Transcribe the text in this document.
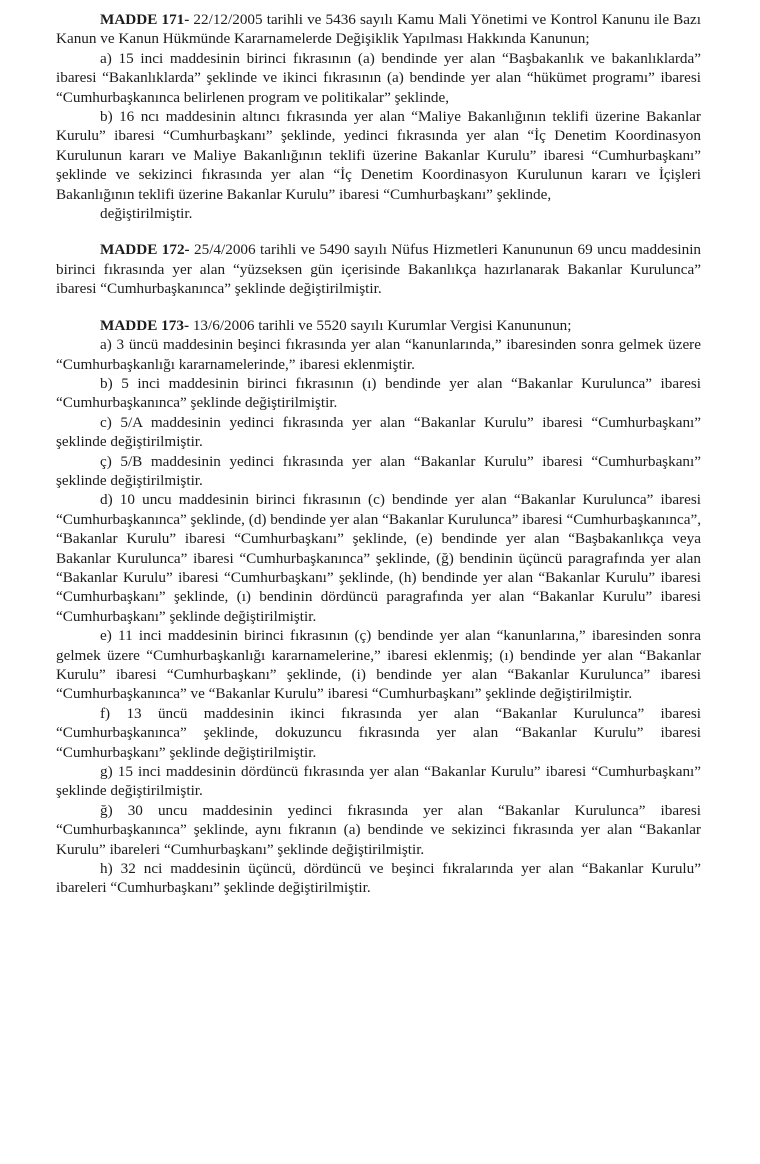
MADDE 171- 22/12/2005 tarihli ve 5436 sayılı Kamu Mali Yönetimi ve Kontrol Kanunu ile Bazı Kanun ve Kanun Hükmünde Kararnamelerde Değişiklik Yapılması Hakkında Kanunun;

a) 15 inci maddesinin birinci fıkrasının (a) bendinde yer alan “Başbakanlık ve bakanlıklarda” ibaresi “Bakanlıklarda” şeklinde ve ikinci fıkrasının (a) bendinde yer alan “hükümet programı” ibaresi “Cumhurbaşkanınca belirlenen program ve politikalar” şeklinde,

b) 16 ncı maddesinin altıncı fıkrasında yer alan “Maliye Bakanlığının teklifi üzerine Bakanlar Kurulu” ibaresi “Cumhurbaşkanı” şeklinde, yedinci fıkrasında yer alan “İç Denetim Koordinasyon Kurulunun kararı ve Maliye Bakanlığının teklifi üzerine Bakanlar Kurulu” ibaresi “Cumhurbaşkanı” şeklinde ve sekizinci fıkrasında yer alan “İç Denetim Koordinasyon Kurulunun kararı ve İçişleri Bakanlığının teklifi üzerine Bakanlar Kurulu” ibaresi “Cumhurbaşkanı” şeklinde,

değiştirilmiştir.

MADDE 172- 25/4/2006 tarihli ve 5490 sayılı Nüfus Hizmetleri Kanununun 69 uncu maddesinin birinci fıkrasında yer alan “yüzseksen gün içerisinde Bakanlıkça hazırlanarak Bakanlar Kurulunca” ibaresi “Cumhurbaşkanınca” şeklinde değiştirilmiştir.

MADDE 173- 13/6/2006 tarihli ve 5520 sayılı Kurumlar Vergisi Kanununun;

a) 3 üncü maddesinin beşinci fıkrasında yer alan “kanunlarında,” ibaresinden sonra gelmek üzere “Cumhurbaşkanlığı kararnamelerinde,” ibaresi eklenmiştir.

b) 5 inci maddesinin birinci fıkrasının (ı) bendinde yer alan “Bakanlar Kurulunca” ibaresi “Cumhurbaşkanınca” şeklinde değiştirilmiştir.

c) 5/A maddesinin yedinci fıkrasında yer alan “Bakanlar Kurulu” ibaresi “Cumhurbaşkanı” şeklinde değiştirilmiştir.

ç) 5/B maddesinin yedinci fıkrasında yer alan “Bakanlar Kurulu” ibaresi “Cumhurbaşkanı” şeklinde değiştirilmiştir.

d) 10 uncu maddesinin birinci fıkrasının (c) bendinde yer alan “Bakanlar Kurulunca” ibaresi “Cumhurbaşkanınca” şeklinde, (d) bendinde yer alan “Bakanlar Kurulunca” ibaresi “Cumhurbaşkanınca”, “Bakanlar Kurulu” ibaresi “Cumhurbaşkanı” şeklinde, (e) bendinde yer alan “Başbakanlıkça veya Bakanlar Kurulunca” ibaresi “Cumhurbaşkanınca” şeklinde, (ğ) bendinin üçüncü paragrafında yer alan “Bakanlar Kurulu” ibaresi “Cumhurbaşkanı” şeklinde, (h) bendinde yer alan “Bakanlar Kurulu” ibaresi “Cumhurbaşkanı” şeklinde, (ı) bendinin dördüncü paragrafında yer alan “Bakanlar Kurulu” ibaresi “Cumhurbaşkanı” şeklinde değiştirilmiştir.

e) 11 inci maddesinin birinci fıkrasının (ç) bendinde yer alan “kanunlarına,” ibaresinden sonra gelmek üzere “Cumhurbaşkanlığı kararnamelerine,” ibaresi eklenmiş; (ı) bendinde yer alan “Bakanlar Kurulu” ibaresi “Cumhurbaşkanı” şeklinde, (i) bendinde yer alan “Bakanlar Kurulunca” ibaresi “Cumhurbaşkanınca” ve “Bakanlar Kurulu” ibaresi “Cumhurbaşkanı” şeklinde değiştirilmiştir.

f) 13 üncü maddesinin ikinci fıkrasında yer alan “Bakanlar Kurulunca” ibaresi “Cumhurbaşkanınca” şeklinde, dokuzuncu fıkrasında yer alan “Bakanlar Kurulu” ibaresi “Cumhurbaşkanı” şeklinde değiştirilmiştir.

g) 15 inci maddesinin dördüncü fıkrasında yer alan “Bakanlar Kurulu” ibaresi “Cumhurbaşkanı” şeklinde değiştirilmiştir.

ğ) 30 uncu maddesinin yedinci fıkrasında yer alan “Bakanlar Kurulunca” ibaresi “Cumhurbaşkanınca” şeklinde, aynı fıkranın (a) bendinde ve sekizinci fıkrasında yer alan “Bakanlar Kurulu” ibareleri “Cumhurbaşkanı” şeklinde değiştirilmiştir.

h) 32 nci maddesinin üçüncü, dördüncü ve beşinci fıkralarında yer alan “Bakanlar Kurulu” ibareleri “Cumhurbaşkanı” şeklinde değiştirilmiştir.
